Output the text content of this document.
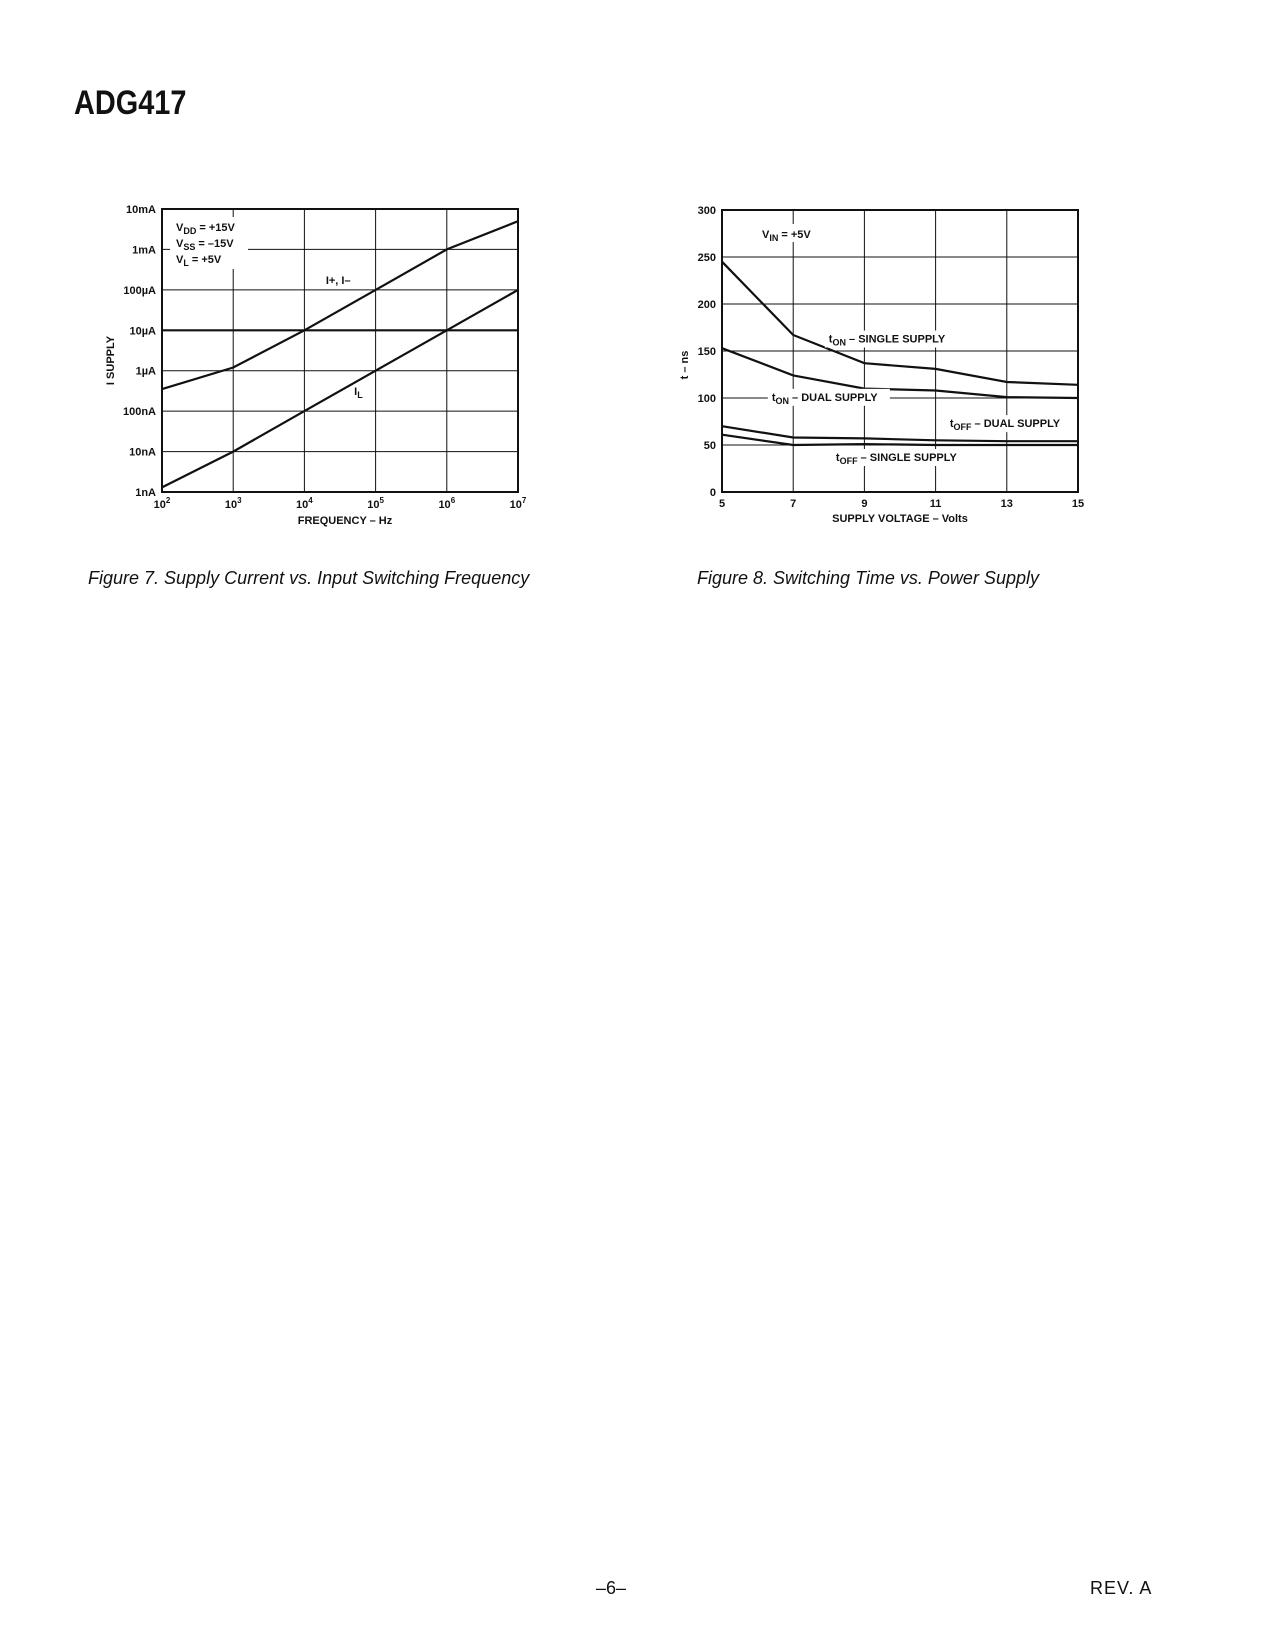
ADG417
$V_{DD} = +15V$
$V_{SS} = -15V$
$V_L = +5V$
I+, I–
$I_L$
10mA
1mA
100µA
10µA
1µA
100nA
10nA
1nA
$10^2$	$10^3$	$10^4$	$10^5$	$10^6$	$10^7$
FREQUENCY – Hz
I SUPPLY
Figure 7. Supply Current vs. Input Switching Frequency
$V_{IN} = +5V$
$t_{ON}$ – SINGLE SUPPLY
$t_{ON}$ – DUAL SUPPLY
$t_{OFF}$ – DUAL SUPPLY
$t_{OFF}$ – SINGLE SUPPLY
300
250
200
150
100
50
0
5	7	9	11	13	15
SUPPLY VOLTAGE – Volts
t – ns
Figure 8. Switching Time vs. Power Supply
–6–	REV. A
